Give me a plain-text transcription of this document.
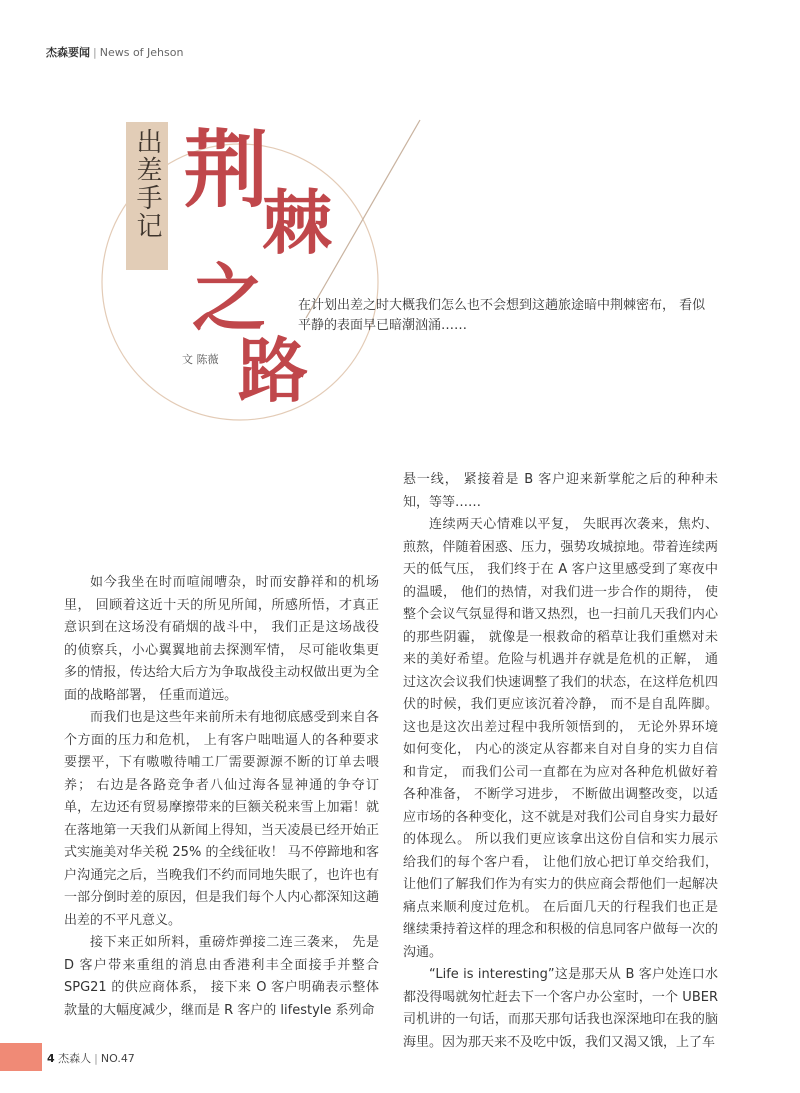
杰森要闻 | News of Jehson
出差手记 荆
棘
之
路
在计划出差之时大概我们怎么也不会想到这趟旅途暗中荆棘密布， 看似平静的表面早已暗潮汹涌……
文 陈薇

如今我坐在时而喧闹嘈杂，时而安静祥和的机场里， 回顾着这近十天的所见所闻，所感所悟，才真正意识到在这场没有硝烟的战斗中， 我们正是这场战役的侦察兵，小心翼翼地前去探测军情， 尽可能收集更多的情报，传达给大后方为争取战役主动权做出更为全面的战略部署， 任重而道远。

而我们也是这些年来前所未有地彻底感受到来自各个方面的压力和危机， 上有客户咄咄逼人的各种要求要摆平，下有嗷嗷待哺工厂需要源源不断的订单去喂养； 右边是各路竞争者八仙过海各显神通的争夺订单，左边还有贸易摩擦带来的巨额关税来雪上加霜！就在落地第一天我们从新闻上得知，当天凌晨已经开始正式实施美对华关税 25% 的全线征收！ 马不停蹄地和客户沟通完之后，当晚我们不约而同地失眠了，也许也有一部分倒时差的原因，但是我们每个人内心都深知这趟出差的不平凡意义。

接下来正如所料，重磅炸弹接二连三袭来， 先是 D 客户带来重组的消息由香港利丰全面接手并整合 SPG21 的供应商体系， 接下来 O 客户明确表示整体款量的大幅度减少，继而是 R 客户的 lifestyle 系列命

悬一线， 紧接着是 B 客户迎来新掌舵之后的种种未知，等等……

连续两天心情难以平复， 失眠再次袭来，焦灼、煎熬，伴随着困惑、压力，强势攻城掠地。带着连续两天的低气压， 我们终于在 A 客户这里感受到了寒夜中的温暖， 他们的热情，对我们进一步合作的期待， 使整个会议气氛显得和谐又热烈，也一扫前几天我们内心的那些阴霾， 就像是一根救命的稻草让我们重燃对未来的美好希望。危险与机遇并存就是危机的正解， 通过这次会议我们快速调整了我们的状态，在这样危机四伏的时候，我们更应该沉着冷静， 而不是自乱阵脚。 这也是这次出差过程中我所领悟到的， 无论外界环境如何变化， 内心的淡定从容都来自对自身的实力自信和肯定， 而我们公司一直都在为应对各种危机做好着各种准备， 不断学习进步， 不断做出调整改变，以适应市场的各种变化，这不就是对我们公司自身实力最好的体现么。 所以我们更应该拿出这份自信和实力展示给我们的每个客户看， 让他们放心把订单交给我们，让他们了解我们作为有实力的供应商会帮他们一起解决痛点来顺利度过危机。 在后面几天的行程我们也正是继续秉持着这样的理念和积极的信息同客户做每一次的沟通。

“Life is interesting”这是那天从 B 客户处连口水都没得喝就匆忙赶去下一个客户办公室时，一个 UBER 司机讲的一句话，而那天那句话我也深深地印在我的脑海里。因为那天来不及吃中饭，我们又渴又饿，上了车

4 杰森人 | NO.47
